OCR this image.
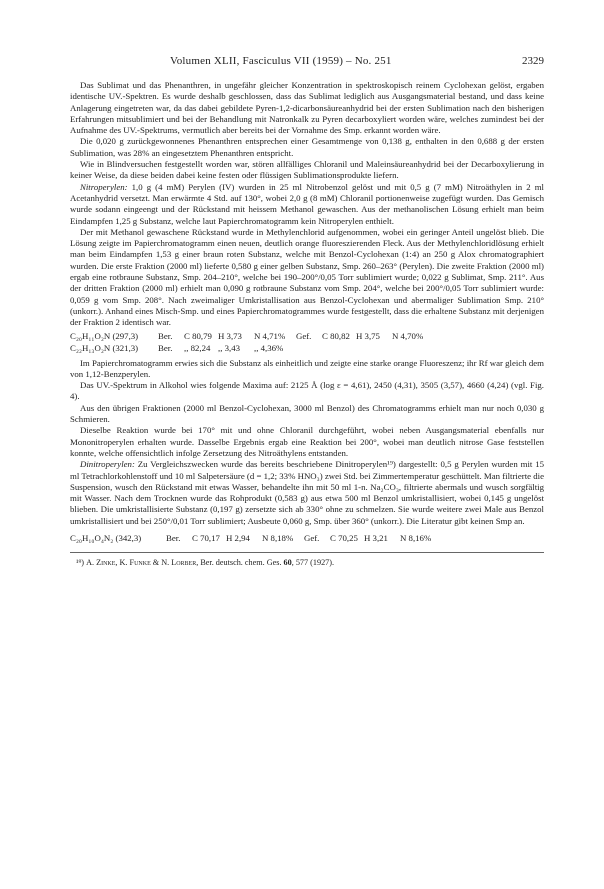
Volumen XLII, Fasciculus VII (1959) – No. 251	2329

Das Sublimat und das Phenanthren, in ungefähr gleicher Konzentration in spektroskopisch reinem Cyclohexan gelöst, ergaben identische UV.-Spektren. Es wurde deshalb geschlossen, dass das Sublimat lediglich aus Ausgangsmaterial bestand, und dass keine Anlagerung eingetreten war, da das dabei gebildete Pyren-1,2-dicarbonsäureanhydrid bei der ersten Sublimation nach den bisherigen Erfahrungen mitsublimiert und bei der Behandlung mit Natronkalk zu Pyren decarboxyliert worden wäre, welches zumindest bei der Aufnahme des UV.-Spektrums, vermutlich aber bereits bei der Vornahme des Smp. erkannt worden wäre.

Die 0,020 g zurückgewonnenes Phenanthren entsprechen einer Gesamtmenge von 0,138 g, enthalten in den 0,688 g der ersten Sublimation, was 28% an eingesetztem Phenanthren entspricht.

Wie in Blindversuchen festgestellt worden war, stören allfälliges Chloranil und Maleinsäureanhydrid bei der Decarboxylierung in keiner Weise, da diese beiden dabei keine festen oder flüssigen Sublimationsprodukte liefern.

Nitroperylen: 1,0 g (4 mM) Perylen (IV) wurden in 25 ml Nitrobenzol gelöst und mit 0,5 g (7 mM) Nitroäthylen in 2 ml Acetanhydrid versetzt. Man erwärmte 4 Std. auf 130°, wobei 2,0 g (8 mM) Chloranil portionenweise zugefügt wurden. Das Gemisch wurde sodann eingeengt und der Rückstand mit heissem Methanol gewaschen. Aus der methanolischen Lösung erhielt man beim Eindampfen 1,25 g Substanz, welche laut Papierchromatogramm kein Nitroperylen enthielt.

Der mit Methanol gewaschene Rückstand wurde in Methylenchlorid aufgenommen, wobei ein geringer Anteil ungelöst blieb. Die Lösung zeigte im Papierchromatogramm einen neuen, deutlich orange fluoreszierenden Fleck. Aus der Methylenchloridlösung erhielt man beim Eindampfen 1,53 g einer braun roten Substanz, welche mit Benzol-Cyclohexan (1:4) an 250 g Alox chromatographiert wurden. Die erste Fraktion (2000 ml) lieferte 0,580 g einer gelben Substanz, Smp. 260–263° (Perylen). Die zweite Fraktion (2000 ml) ergab eine rotbraune Substanz, Smp. 204–210°, welche bei 190–200°/0,05 Torr sublimiert wurde; 0,022 g Sublimat, Smp. 211°. Aus der dritten Fraktion (2000 ml) erhielt man 0,090 g rotbraune Substanz vom Smp. 204°, welche bei 200°/0,05 Torr sublimiert wurde: 0,059 g vom Smp. 208°. Nach zweimaliger Umkristallisation aus Benzol-Cyclohexan und abermaliger Sublimation Smp. 210° (unkorr.). Anhand eines Misch-Smp. und eines Papierchromatogrammes wurde festgestellt, dass die erhaltene Substanz mit derjenigen der Fraktion 2 identisch war.

C₂₀H₁₁O₂N (297,3)	Ber.	C 80,79 H 3,73	N 4,71%	Gef.	C 80,82 H 3,75	N 4,70%
C₂₂H₁₃O₂N (321,3)	Ber.	,, 82,24 ,, 3,43	,, 4,36%

Im Papierchromatogramm erwies sich die Substanz als einheitlich und zeigte eine starke orange Fluoreszenz; ihr Rf war gleich dem von 1,12-Benzperylen.

Das UV.-Spektrum in Alkohol wies folgende Maxima auf: 2125 Å (log ε = 4,61), 2450 (4,31), 3505 (3,57), 4660 (4,24) (vgl. Fig. 4).

Aus den übrigen Fraktionen (2000 ml Benzol-Cyclohexan, 3000 ml Benzol) des Chromatogramms erhielt man nur noch 0,030 g Schmieren.

Dieselbe Reaktion wurde bei 170° mit und ohne Chloranil durchgeführt, wobei neben Ausgangsmaterial ebenfalls nur Mononitroperylen erhalten wurde. Dasselbe Ergebnis ergab eine Reaktion bei 200°, wobei man deutlich nitrose Gase feststellen konnte, welche offensichtlich infolge Zersetzung des Nitroäthylens entstanden.

Dinitroperylen: Zu Vergleichszwecken wurde das bereits beschriebene Dinitroperylen¹⁹) dargestellt: 0,5 g Perylen wurden mit 15 ml Tetrachlorkohlenstoff und 10 ml Salpetersäure (d = 1,2; 33% HNO₃) zwei Std. bei Zimmertemperatur geschüttelt. Man filtrierte die Suspension, wusch den Rückstand mit etwas Wasser, behandelte ihn mit 50 ml 1-n. Na₂CO₃, filtrierte abermals und wusch sorgfältig mit Wasser. Nach dem Trocknen wurde das Rohprodukt (0,583 g) aus etwa 500 ml Benzol umkristallisiert, wobei 0,145 g ungelöst blieben. Die umkristallisierte Substanz (0,197 g) zersetzte sich ab 330° ohne zu schmelzen. Sie wurde weitere zwei Male aus Benzol umkristallisiert und bei 250°/0,01 Torr sublimiert; Ausbeute 0,060 g, Smp. über 360° (unkorr.). Die Literatur gibt keinen Smp an.

C₂₀H₁₀O₄N₂ (342,3)	Ber.	C 70,17 H 2,94	N 8,18%	Gef.	C 70,25 H 3,21	N 8,16%
¹⁹) A. Zinke, K. Funke & N. Lorber, Ber. deutsch. chem. Ges. 60, 577 (1927).
